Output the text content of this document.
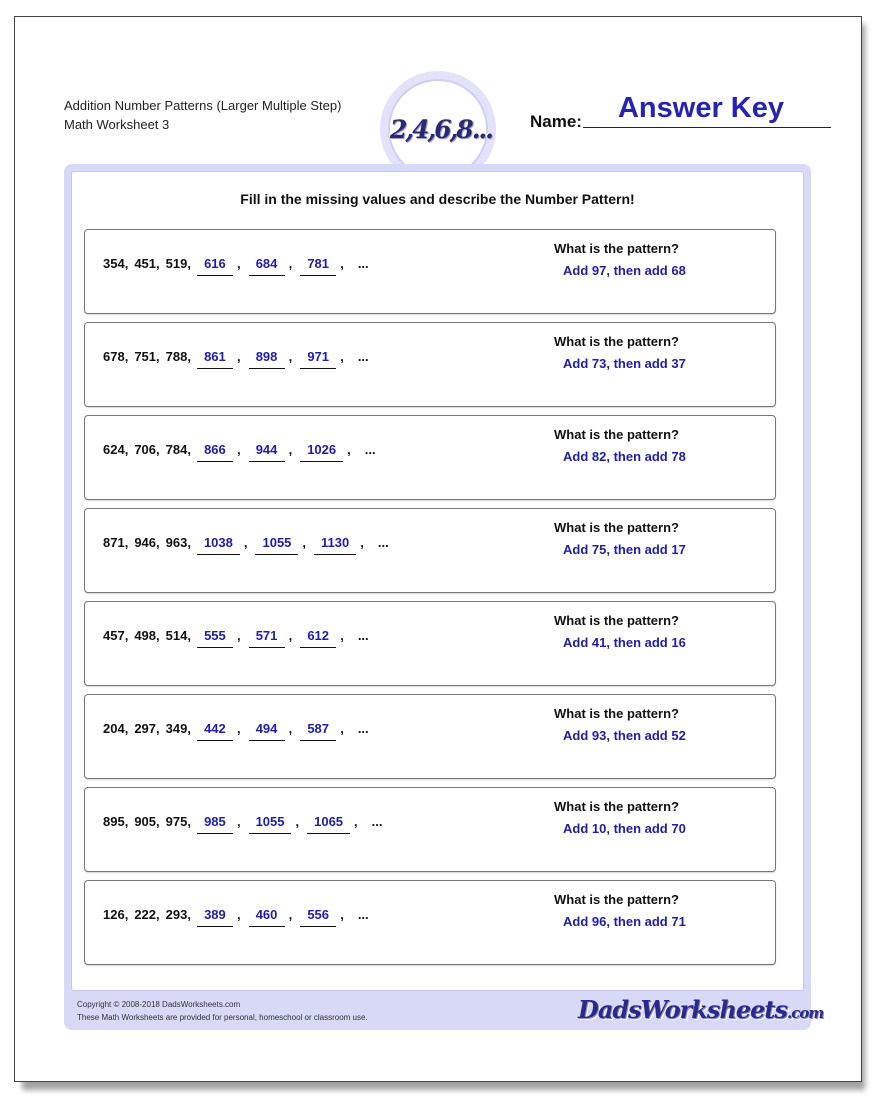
Addition Number Patterns (Larger Multiple Step)
Math Worksheet 3	2,4,6,8... Name:	Answer Key
Fill in the missing values and describe the Number Pattern!
354, 451, 519,	616 ,	684 ,	781 , ...
What is the pattern?
Add 97, then add 68
678, 751, 788,	861 ,	898 ,	971 , ...
What is the pattern?
Add 73, then add 37
624, 706, 784,	866 ,	944 ,	1026 , ...
What is the pattern?
Add 82, then add 78
871, 946, 963,	1038 ,	1055 ,	1130 , ...
What is the pattern?
Add 75, then add 17
457, 498, 514,	555 ,	571 ,	612 , ...
What is the pattern?
Add 41, then add 16
204, 297, 349,	442 ,	494 ,	587 , ...
What is the pattern?
Add 93, then add 52
895, 905, 975,	985 ,	1055 ,	1065 , ...
What is the pattern?
Add 10, then add 70
126, 222, 293,	389 ,	460 ,	556 , ...
What is the pattern?
Add 96, then add 71
Copyright © 2008-2018 DadsWorksheets.com
These Math Worksheets are provided for personal, homeschool or classroom use.	DadsWorksheets.com
